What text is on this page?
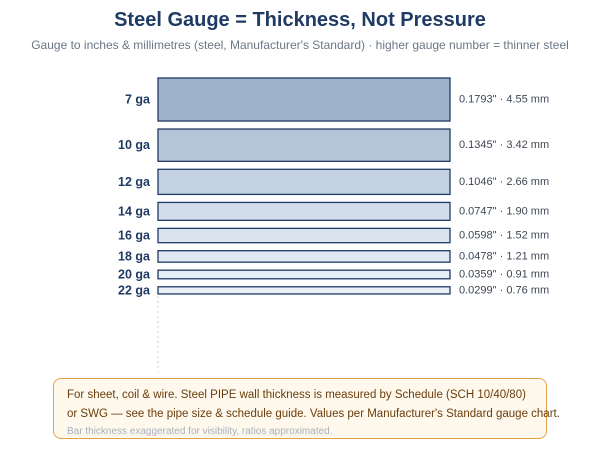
Steel Gauge = Thickness, Not Pressure
Gauge to inches & millimetres (steel, Manufacturer's Standard) · higher gauge number = thinner steel
7 ga	0.1793" · 4.55 mm
10 ga	0.1345" · 3.42 mm
12 ga	0.1046" · 2.66 mm
14 ga	0.0747" · 1.90 mm
16 ga	0.0598" · 1.52 mm
18 ga	0.0478" · 1.21 mm
20 ga	0.0359" · 0.91 mm
22 ga	0.0299" · 0.76 mm
For sheet, coil & wire. Steel PIPE wall thickness is measured by Schedule (SCH 10/40/80)
or SWG — see the pipe size & schedule guide. Values per Manufacturer's Standard gauge chart.
Bar thickness exaggerated for visibility, ratios approximated.
